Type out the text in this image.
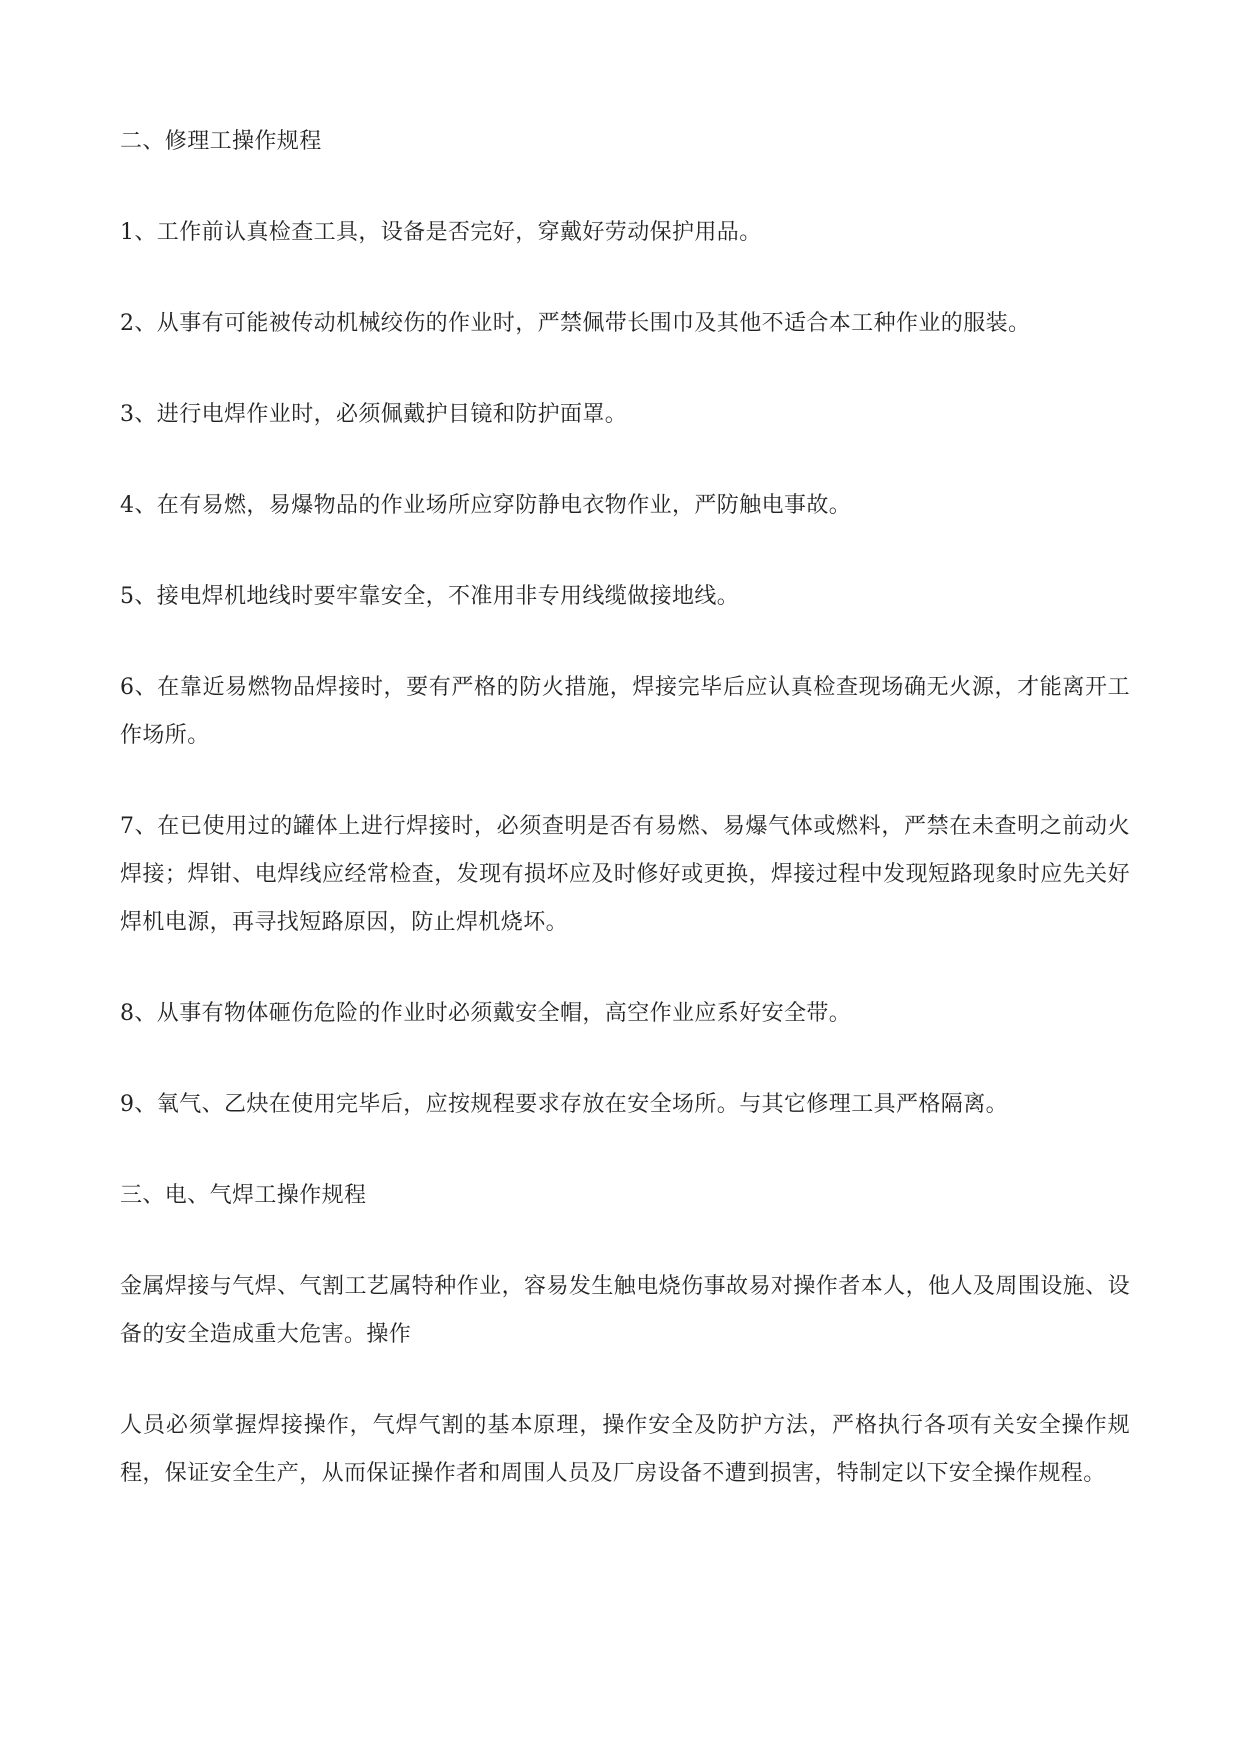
二、修理工操作规程

1、工作前认真检查工具，设备是否完好，穿戴好劳动保护用品。

2、从事有可能被传动机械绞伤的作业时，严禁佩带长围巾及其他不适合本工种作业的服装。

3、进行电焊作业时，必须佩戴护目镜和防护面罩。

4、在有易燃，易爆物品的作业场所应穿防静电衣物作业，严防触电事故。

5、接电焊机地线时要牢靠安全，不准用非专用线缆做接地线。

6、在靠近易燃物品焊接时，要有严格的防火措施，焊接完毕后应认真检查现场确无火源，才能离开工作场所。

7、在已使用过的罐体上进行焊接时，必须查明是否有易燃、易爆气体或燃料，严禁在未查明之前动火焊接；焊钳、电焊线应经常检查，发现有损坏应及时修好或更换，焊接过程中发现短路现象时应先关好焊机电源，再寻找短路原因，防止焊机烧坏。

8、从事有物体砸伤危险的作业时必须戴安全帽，高空作业应系好安全带。

9、氧气、乙炔在使用完毕后，应按规程要求存放在安全场所。与其它修理工具严格隔离。

三、电、气焊工操作规程

金属焊接与气焊、气割工艺属特种作业，容易发生触电烧伤事故易对操作者本人，他人及周围设施、设备的安全造成重大危害。操作

人员必须掌握焊接操作，气焊气割的基本原理，操作安全及防护方法，严格执行各项有关安全操作规程，保证安全生产，从而保证操作者和周围人员及厂房设备不遭到损害，特制定以下安全操作规程。
